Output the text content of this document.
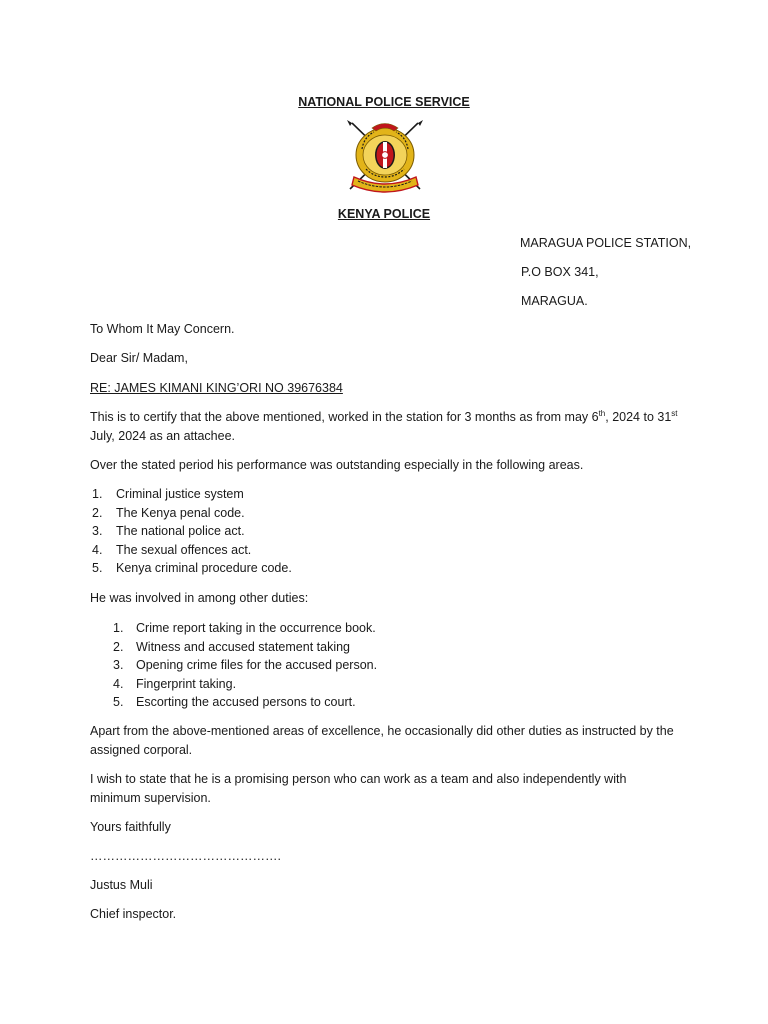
NATIONAL POLICE SERVICE
KENYA POLICE
MARAGUA POLICE STATION,
P.O BOX 341,
MARAGUA.
To Whom It May Concern.
Dear Sir/ Madam,
RE: JAMES KIMANI KING’ORI NO 39676384
This is to certify that the above mentioned, worked in the station for 3 months as from may 6th, 2024 to 31st July, 2024 as an attachee.
Over the stated period his performance was outstanding especially in the following areas.
1. Criminal justice system
2. The Kenya penal code.
3. The national police act.
4. The sexual offences act.
5. Kenya criminal procedure code.
He was involved in among other duties:
1. Crime report taking in the occurrence book.
2. Witness and accused statement taking
3. Opening crime files for the accused person.
4. Fingerprint taking.
5. Escorting the accused persons to court.
Apart from the above-mentioned areas of excellence, he occasionally did other duties as instructed by the assigned corporal.
I wish to state that he is a promising person who can work as a team and also independently with minimum supervision.
Yours faithfully
……………………………………….
Justus Muli
Chief inspector.
